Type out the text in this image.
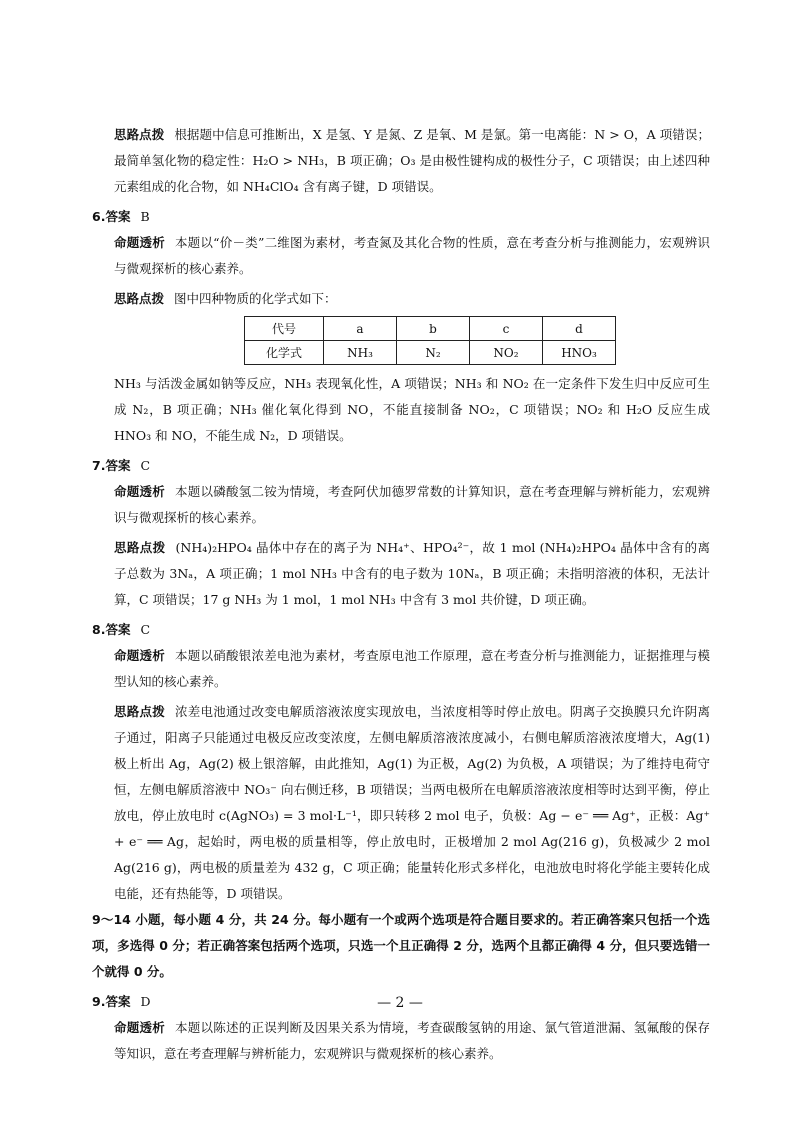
思路点拨 根据题中信息可推断出，X 是氢、Y 是氮、Z 是氧、M 是氯。第一电离能：N > O，A 项错误；最简单氢化物的稳定性：H₂O > NH₃，B 项正确；O₃ 是由极性键构成的极性分子，C 项错误；由上述四种元素组成的化合物，如 NH₄ClO₄ 含有离子键，D 项错误。
6.答案 B
命题透析 本题以“价－类”二维图为素材，考查氮及其化合物的性质，意在考查分析与推测能力，宏观辨识与微观探析的核心素养。
思路点拨 图中四种物质的化学式如下：
代号	a	b	c	d
化学式	NH₃	N₂	NO₂	HNO₃
NH₃ 与活泼金属如钠等反应，NH₃ 表现氧化性，A 项错误；NH₃ 和 NO₂ 在一定条件下发生归中反应可生成 N₂，B 项正确；NH₃ 催化氧化得到 NO，不能直接制备 NO₂，C 项错误；NO₂ 和 H₂O 反应生成 HNO₃ 和 NO，不能生成 N₂，D 项错误。
7.答案 C
命题透析 本题以磷酸氢二铵为情境，考查阿伏加德罗常数的计算知识，意在考查理解与辨析能力，宏观辨识与微观探析的核心素养。
思路点拨 (NH₄)₂HPO₄ 晶体中存在的离子为 NH₄⁺、HPO₄²⁻，故 1 mol (NH₄)₂HPO₄ 晶体中含有的离子总数为 3Nₐ，A 项正确；1 mol NH₃ 中含有的电子数为 10Nₐ，B 项正确；未指明溶液的体积，无法计算，C 项错误；17 g NH₃ 为 1 mol，1 mol NH₃ 中含有 3 mol 共价键，D 项正确。
8.答案 C
命题透析 本题以硝酸银浓差电池为素材，考查原电池工作原理，意在考查分析与推测能力，证据推理与模型认知的核心素养。
思路点拨 浓差电池通过改变电解质溶液浓度实现放电，当浓度相等时停止放电。阴离子交换膜只允许阴离子通过，阳离子只能通过电极反应改变浓度，左侧电解质溶液浓度减小，右侧电解质溶液浓度增大，Ag(1) 极上析出 Ag，Ag(2) 极上银溶解，由此推知，Ag(1) 为正极，Ag(2) 为负极，A 项错误；为了维持电荷守恒，左侧电解质溶液中 NO₃⁻ 向右侧迁移，B 项错误；当两电极所在电解质溶液浓度相等时达到平衡，停止放电，停止放电时 c(AgNO₃) = 3 mol·L⁻¹，即只转移 2 mol 电子，负极：Ag − e⁻ ══ Ag⁺，正极：Ag⁺ + e⁻ ══ Ag，起始时，两电极的质量相等，停止放电时，正极增加 2 mol Ag(216 g)，负极减少 2 mol Ag(216 g)，两电极的质量差为 432 g，C 项正确；能量转化形式多样化，电池放电时将化学能主要转化成电能，还有热能等，D 项错误。
9～14 小题，每小题 4 分，共 24 分。每小题有一个或两个选项是符合题目要求的。若正确答案只包括一个选项，多选得 0 分；若正确答案包括两个选项，只选一个且正确得 2 分，选两个且都正确得 4 分，但只要选错一个就得 0 分。
9.答案 D
命题透析 本题以陈述的正误判断及因果关系为情境，考查碳酸氢钠的用途、氯气管道泄漏、氢氟酸的保存等知识，意在考查理解与辨析能力，宏观辨识与微观探析的核心素养。
— 2 —
